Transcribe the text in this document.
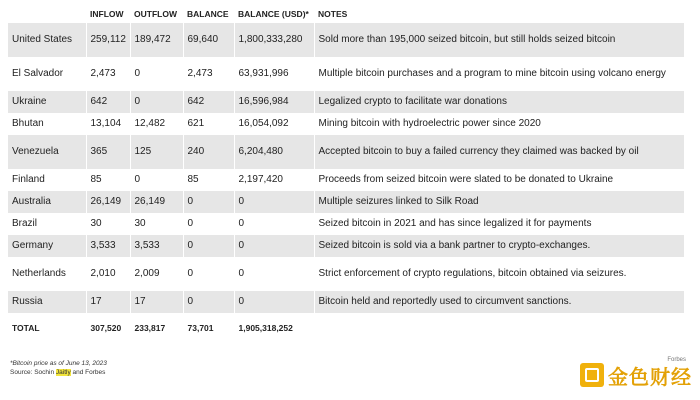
	INFLOW	OUTFLOW	BALANCE	BALANCE (USD)*	NOTES
United States	259,112	189,472	69,640	1,800,333,280	Sold more than 195,000 seized bitcoin, but still holds seized bitcoin
El Salvador	2,473	0	2,473	63,931,996	Multiple bitcoin purchases and a program to mine bitcoin using volcano energy
Ukraine	642	0	642	16,596,984	Legalized crypto to facilitate war donations
Bhutan	13,104	12,482	621	16,054,092	Mining bitcoin with hydroelectric power since 2020
Venezuela	365	125	240	6,204,480	Accepted bitcoin to buy a failed currency they claimed was backed by oil
Finland	85	0	85	2,197,420	Proceeds from seized bitcoin were slated to be donated to Ukraine
Australia	26,149	26,149	0	0	Multiple seizures linked to Silk Road
Brazil	30	30	0	0	Seized bitcoin in 2021 and has since legalized it for payments
Germany	3,533	3,533	0	0	Seized bitcoin is sold via a bank partner to crypto-exchanges.
Netherlands	2,010	2,009	0	0	Strict enforcement of crypto regulations, bitcoin obtained via seizures.
Russia	17	17	0	0	Bitcoin held and reportedly used to circumvent sanctions.
TOTAL	307,520	233,817	73,701	1,905,318,252	
*Bitcoin price as of June 13, 2023
Source: Sochin Jaitly and Forbes
Forbes
金色财经
